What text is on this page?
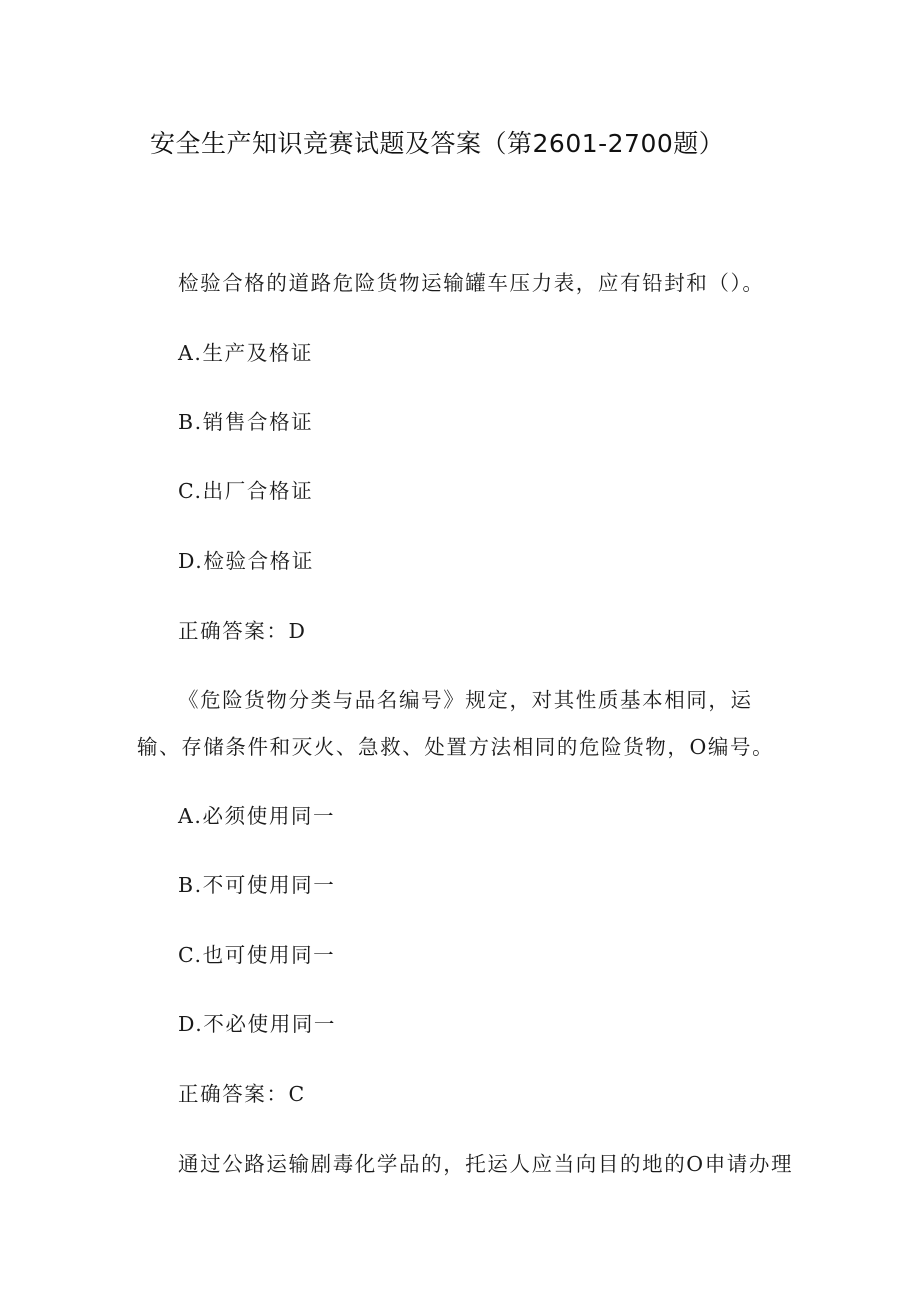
安全生产知识竞赛试题及答案（第2601-2700题）
检验合格的道路危险货物运输罐车压力表，应有铅封和（）。
A.生产及格证
B.销售合格证
C.出厂合格证
D.检验合格证
正确答案：D
《危险货物分类与品名编号》规定，对其性质基本相同，运
输、存储条件和灭火、急救、处置方法相同的危险货物，O编号。
A.必须使用同一
B.不可使用同一
C.也可使用同一
D.不必使用同一
正确答案：C
通过公路运输剧毒化学品的，托运人应当向目的地的O申请办理
